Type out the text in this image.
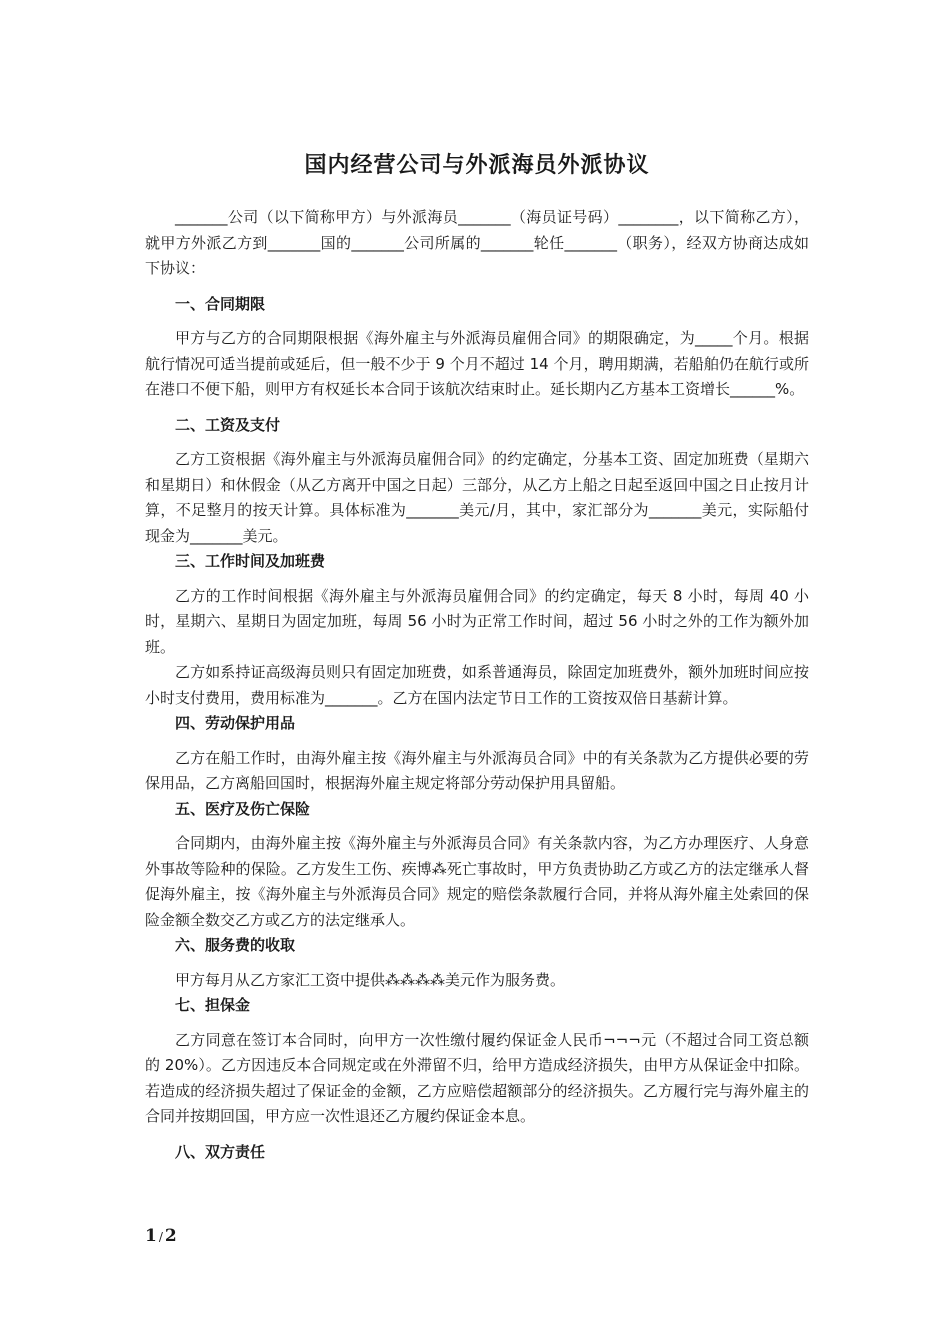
国内经营公司与外派海员外派协议

_______公司（以下简称甲方）与外派海员_______（海员证号码）________，以下简称乙方），就甲方外派乙方到_______国的_______公司所属的_______轮任_______（职务），经双方协商达成如下协议：

一、合同期限

甲方与乙方的合同期限根据《海外雇主与外派海员雇佣合同》的期限确定，为_____个月。根据航行情况可适当提前或延后，但一般不少于 9 个月不超过 14 个月，聘用期满，若船舶仍在航行或所在港口不便下船，则甲方有权延长本合同于该航次结束时止。延长期内乙方基本工资增长______%。

二、工资及支付

乙方工资根据《海外雇主与外派海员雇佣合同》的约定确定，分基本工资、固定加班费（星期六和星期日）和休假金（从乙方离开中国之日起）三部分，从乙方上船之日起至返回中国之日止按月计算，不足整月的按天计算。具体标准为_______美元/月，其中，家汇部分为_______美元，实际船付现金为_______美元。

三、工作时间及加班费

乙方的工作时间根据《海外雇主与外派海员雇佣合同》的约定确定，每天 8 小时，每周 40 小时，星期六、星期日为固定加班，每周 56 小时为正常工作时间，超过 56 小时之外的工作为额外加班。

乙方如系持证高级海员则只有固定加班费，如系普通海员，除固定加班费外，额外加班时间应按小时支付费用，费用标准为_______。乙方在国内法定节日工作的工资按双倍日基薪计算。

四、劳动保护用品

乙方在船工作时，由海外雇主按《海外雇主与外派海员合同》中的有关条款为乙方提供必要的劳保用品，乙方离船回国时，根据海外雇主规定将部分劳动保护用具留船。

五、医疗及伤亡保险

合同期内，由海外雇主按《海外雇主与外派海员合同》有关条款内容，为乙方办理医疗、人身意外事故等险种的保险。乙方发生工伤、疾博⁂死亡事故时，甲方负责协助乙方或乙方的法定继承人督促海外雇主，按《海外雇主与外派海员合同》规定的赔偿条款履行合同，并将从海外雇主处索回的保险金额全数交乙方或乙方的法定继承人。

六、服务费的收取

甲方每月从乙方家汇工资中提供⁂⁂⁂⁂美元作为服务费。

七、担保金

乙方同意在签订本合同时，向甲方一次性缴付履约保证金人民币¬¬¬元（不超过合同工资总额的 20%）。乙方因违反本合同规定或在外滞留不归，给甲方造成经济损失，由甲方从保证金中扣除。若造成的经济损失超过了保证金的金额，乙方应赔偿超额部分的经济损失。乙方履行完与海外雇主的合同并按期回国，甲方应一次性退还乙方履约保证金本息。

八、双方责任
1 / 2
